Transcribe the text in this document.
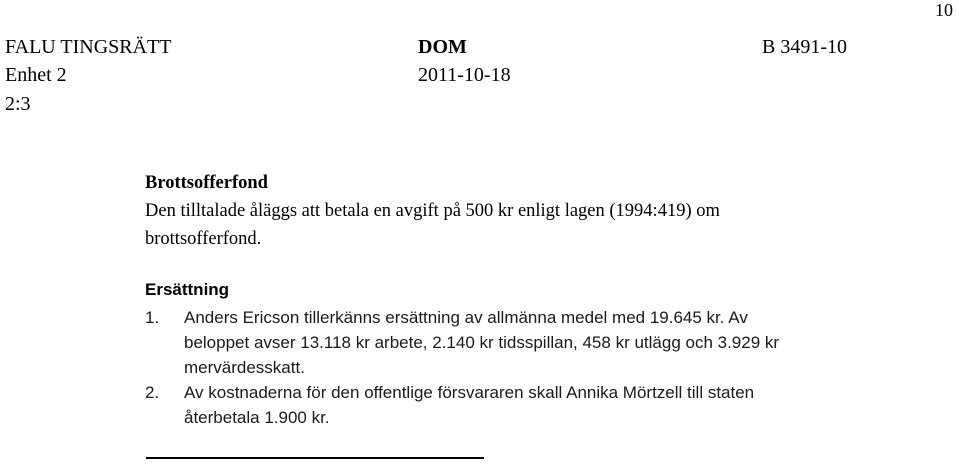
10
FALU TINGSRÄTT
Enhet 2
2:3
DOM
2011-10-18
B 3491-10
Brottsofferfond
Den tilltalade åläggs att betala en avgift på 500 kr enligt lagen (1994:419) om
brottsofferfond.
Ersättning
1. Anders Ericson tillerkänns ersättning av allmänna medel med 19.645 kr. Av
beloppet avser 13.118 kr arbete, 2.140 kr tidsspillan, 458 kr utlägg och 3.929 kr
mervärdesskatt.
2. Av kostnaderna för den offentlige försvararen skall Annika Mörtzell till staten
återbetala 1.900 kr.
